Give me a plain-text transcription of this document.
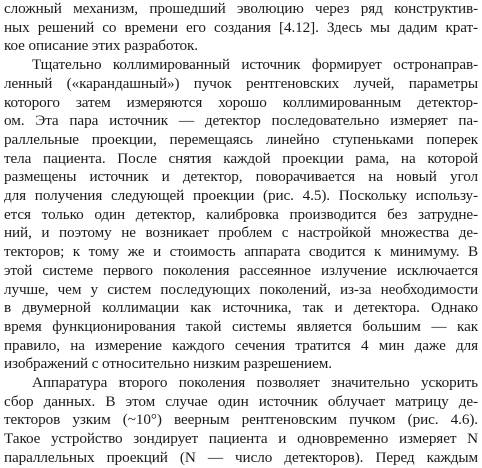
сложный механизм, прошедший эволюцию через ряд конструктив-
ных решений со времени его создания [4.12]. Здесь мы дадим крат-
кое описание этих разработок.

Тщательно коллимированный источник формирует остронаправ-
ленный («карандашный») пучок рентгеновских лучей, параметры
которого затем измеряются хорошо коллимированным детектор-
ом. Эта пара источник — детектор последовательно измеряет па-
раллельные проекции, перемещаясь линейно ступеньками поперек
тела пациента. После снятия каждой проекции рама, на которой
размещены источник и детектор, поворачивается на новый угол
для получения следующей проекции (рис. 4.5). Поскольку использу-
ется только один детектор, калибровка производится без затрудне-
ний, и поэтому не возникает проблем с настройкой множества де-
текторов; к тому же и стоимость аппарата сводится к минимуму. В
этой системе первого поколения рассеянное излучение исключается
лучше, чем у систем последующих поколений, из-за необходимости
в двумерной коллимации как источника, так и детектора. Однако
время функционирования такой системы является большим — как
правило, на измерение каждого сечения тратится 4 мин даже для
изображений с относительно низким разрешением.

Аппаратура второго поколения позволяет значительно ускорить
сбор данных. В этом случае один источник облучает матрицу де-
текторов узким (~10°) веерным рентгеновским пучком (рис. 4.6).
Такое устройство зондирует пациента и одновременно измеряет N
параллельных проекций (N — число детекторов). Перед каждым
